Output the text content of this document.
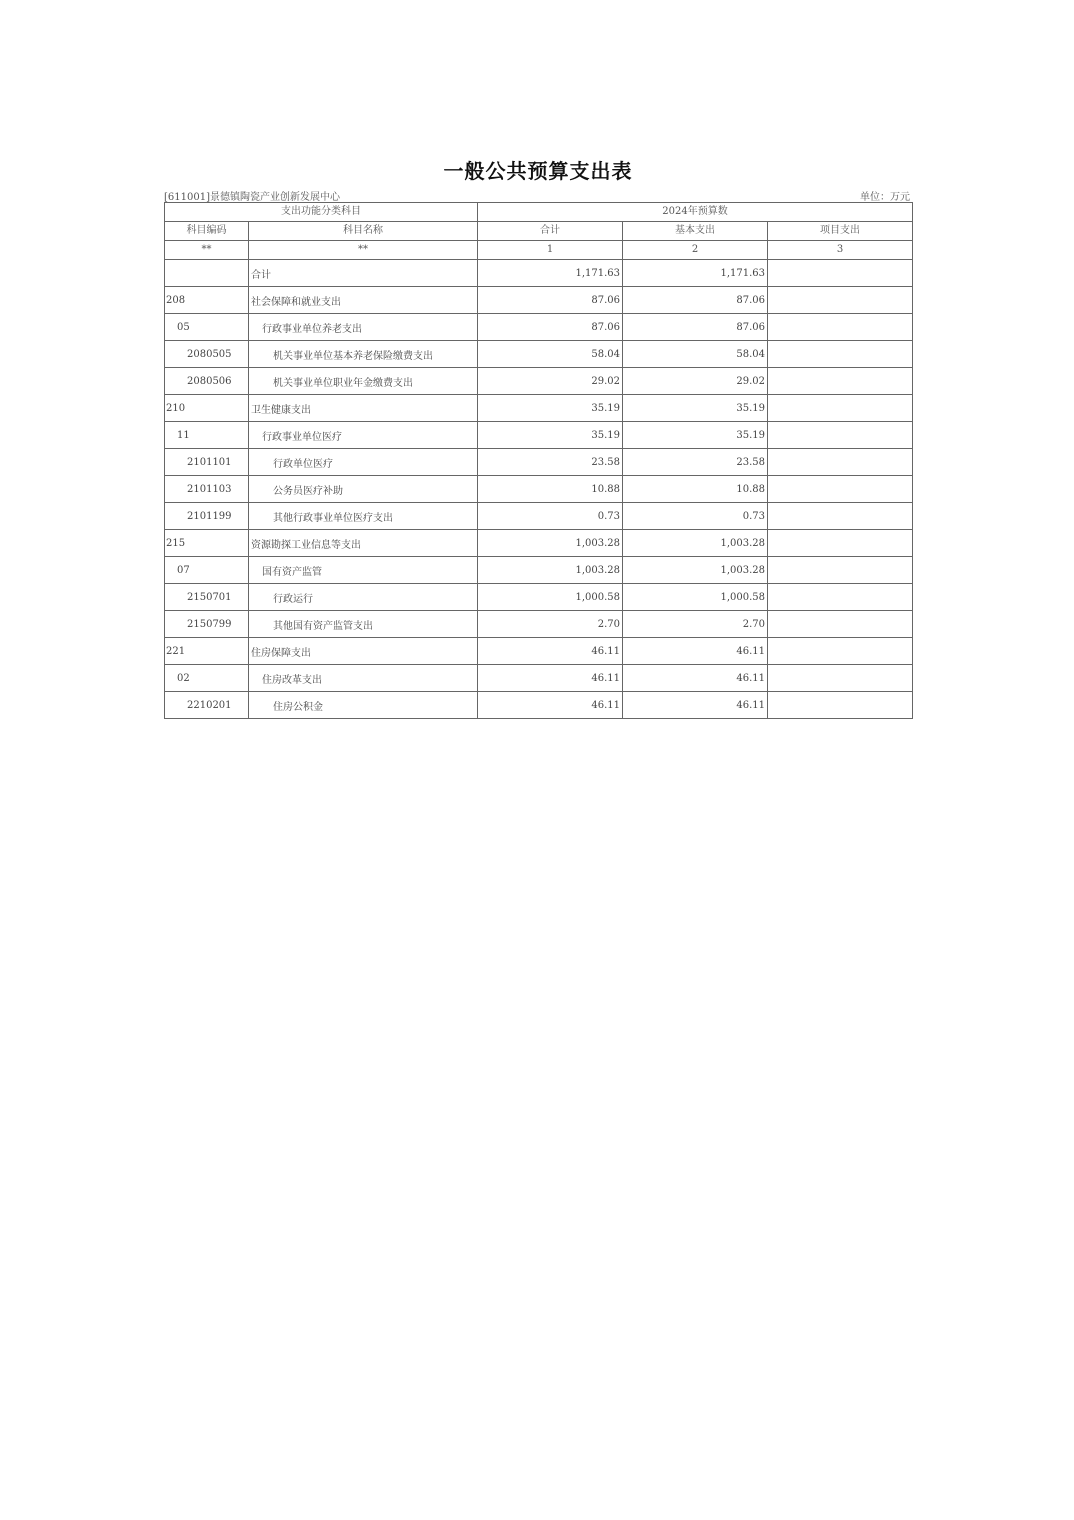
一般公共预算支出表
[611001]景德镇陶瓷产业创新发展中心	单位：万元
支出功能分类科目		2024年预算数		
科目编码	科目名称	合计	基本支出	项目支出
**	**	1	2	3
	合计	1,171.63	1,171.63	
208	社会保障和就业支出	87.06	87.06	
05	行政事业单位养老支出	87.06	87.06	
2080505	机关事业单位基本养老保险缴费支出	58.04	58.04	
2080506	机关事业单位职业年金缴费支出	29.02	29.02	
210	卫生健康支出	35.19	35.19	
11	行政事业单位医疗	35.19	35.19	
2101101	行政单位医疗	23.58	23.58	
2101103	公务员医疗补助	10.88	10.88	
2101199	其他行政事业单位医疗支出	0.73	0.73	
215	资源勘探工业信息等支出	1,003.28	1,003.28	
07	国有资产监管	1,003.28	1,003.28	
2150701	行政运行	1,000.58	1,000.58	
2150799	其他国有资产监管支出	2.70	2.70	
221	住房保障支出	46.11	46.11	
02	住房改革支出	46.11	46.11	
2210201	住房公积金	46.11	46.11	
